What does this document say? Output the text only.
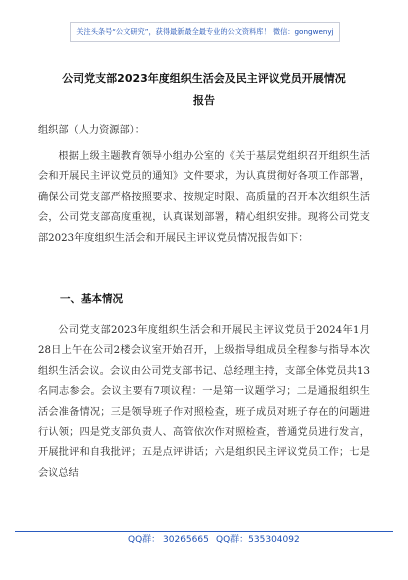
关注头条号“公文研究”，获得最新最全最专业的公文资料库！ 微信：gongwenyj
公司党支部2023年度组织生活会及民主评议党员开展情况
报告
组织部（人力资源部）：
根据上级主题教育领导小组办公室的《关于基层党组织召开组织生活会和开展民主评议党员的通知》文件要求，为认真贯彻好各项工作部署，确保公司党支部严格按照要求、按规定时限、高质量的召开本次组织生活会，公司党支部高度重视，认真谋划部署，精心组织安排。现将公司党支部2023年度组织生活会和开展民主评议党员情况报告如下：
一、基本情况
公司党支部2023年度组织生活会和开展民主评议党员于2024年1月28日上午在公司2楼会议室开始召开，上级指导组成员全程参与指导本次组织生活会议。会议由公司党支部书记、总经理主持，支部全体党员共13名同志参会。会议主要有7项议程：一是第一议题学习；二是通报组织生活会准备情况；三是领导班子作对照检查，班子成员对班子存在的问题进行认领；四是党支部负责人、高管依次作对照检查，普通党员进行发言，开展批评和自我批评；五是点评讲话；六是组织民主评议党员工作；七是会议总结
QQ群： 30265665 QQ群：535304092
